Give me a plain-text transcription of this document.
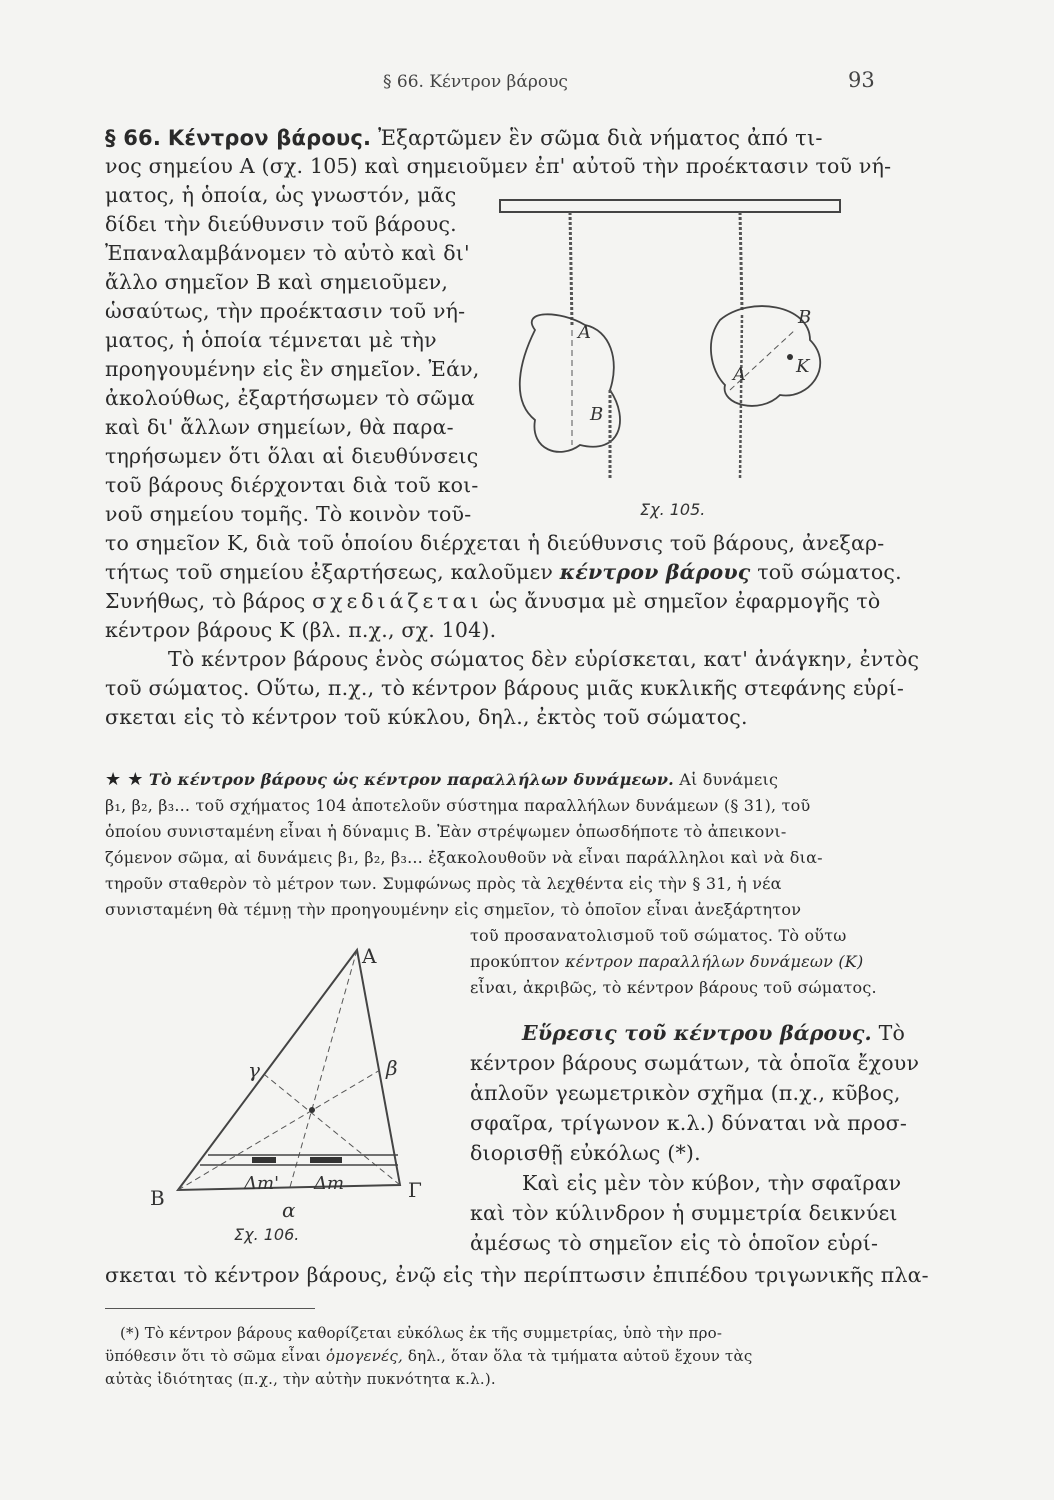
§ 66. Κέντρον βάρους	93
§ 66. Κέντρον βάρους. Ἐξαρτῶμεν ἓν σῶμα διὰ νήματος ἀπό τι-
νος σημείου A (σχ. 105) καὶ σημειοῦμεν ἐπ' αὐτοῦ τὴν προέκτασιν τοῦ νή-
ματος, ἡ ὁποία, ὡς γνωστόν, μᾶς
δίδει τὴν διεύθυνσιν τοῦ βάρους.
Ἐπαναλαμβάνομεν τὸ αὐτὸ καὶ δι'
ἄλλο σημεῖον B καὶ σημειοῦμεν,
ὡσαύτως, τὴν προέκτασιν τοῦ νή-
ματος, ἡ ὁποία τέμνεται μὲ τὴν
προηγουμένην εἰς ἓν σημεῖον. Ἐάν,
ἀκολούθως, ἐξαρτήσωμεν τὸ σῶμα
καὶ δι' ἄλλων σημείων, θὰ παρα-
τηρήσωμεν ὅτι ὅλαι αἱ διευθύνσεις
τοῦ βάρους διέρχονται διὰ τοῦ κοι-
νοῦ σημείου τομῆς. Τὸ κοινὸν τοῦ-
το σημεῖον K, διὰ τοῦ ὁποίου διέρχεται ἡ διεύθυνσις τοῦ βάρους, ἀνεξαρ-
τήτως τοῦ σημείου ἐξαρτήσεως, καλοῦμεν κέντρον βάρους τοῦ σώματος.
Συνήθως, τὸ βάρος σχεδιάζεται ὡς ἄνυσμα μὲ σημεῖον ἐφαρμογῆς τὸ
κέντρον βάρους K (βλ. π.χ., σχ. 104).
Τὸ κέντρον βάρους ἑνὸς σώματος δὲν εὑρίσκεται, κατ' ἀνάγκην, ἐντὸς
τοῦ σώματος. Οὕτω, π.χ., τὸ κέντρον βάρους μιᾶς κυκλικῆς στεφάνης εὑρί-
σκεται εἰς τὸ κέντρον τοῦ κύκλου, δηλ., ἐκτὸς τοῦ σώματος.
★ ★ Τὸ κέντρον βάρους ὡς κέντρον παραλλήλων δυνάμεων. Αἱ δυνάμεις
β₁, β₂, β₃... τοῦ σχήματος 104 ἀποτελοῦν σύστημα παραλλήλων δυνάμεων (§ 31), τοῦ
ὁποίου συνισταμένη εἶναι ἡ δύναμις B. Ἐὰν στρέψωμεν ὁπωσδήποτε τὸ ἀπεικονι-
ζόμενον σῶμα, αἱ δυνάμεις β₁, β₂, β₃... ἐξακολουθοῦν νὰ εἶναι παράλληλοι καὶ νὰ δια-
τηροῦν σταθερὸν τὸ μέτρον των. Συμφώνως πρὸς τὰ λεχθέντα εἰς τὴν § 31, ἡ νέα
συνισταμένη θὰ τέμνῃ τὴν προηγουμένην εἰς σημεῖον, τὸ ὁποῖον εἶναι ἀνεξάρτητον
τοῦ προσανατολισμοῦ τοῦ σώματος. Τὸ οὕτω
προκύπτον κέντρον παραλλήλων δυνάμεων (K)
εἶναι, ἀκριβῶς, τὸ κέντρον βάρους τοῦ σώματος.
Εὕρεσις τοῦ κέντρου βάρους. Τὸ
κέντρον βάρους σωμάτων, τὰ ὁποῖα ἔχουν
ἁπλοῦν γεωμετρικὸν σχῆμα (π.χ., κῦβος,
σφαῖρα, τρίγωνον κ.λ.) δύναται νὰ προσ-
διορισθῇ εὐκόλως (*).
Καὶ εἰς μὲν τὸν κύβον, τὴν σφαῖραν
καὶ τὸν κύλινδρον ἡ συμμετρία δεικνύει
ἀμέσως τὸ σημεῖον εἰς τὸ ὁποῖον εὑρί-
σκεται τὸ κέντρον βάρους, ἐνῷ εἰς τὴν περίπτωσιν ἐπιπέδου τριγωνικῆς πλα-
(*) Τὸ κέντρον βάρους καθορίζεται εὐκόλως ἐκ τῆς συμμετρίας, ὑπὸ τὴν προ-
ϋπόθεσιν ὅτι τὸ σῶμα εἶναι ὁμογενές, δηλ., ὅταν ὅλα τὰ τμήματα αὐτοῦ ἔχουν τὰς
αὐτὰς ἰδιότητας (π.χ., τὴν αὐτὴν πυκνότητα κ.λ.).
A
B
B
A	K
Σχ. 105.
A
B	Γ
β
γ
α
Δm' Δm
Σχ. 106.
